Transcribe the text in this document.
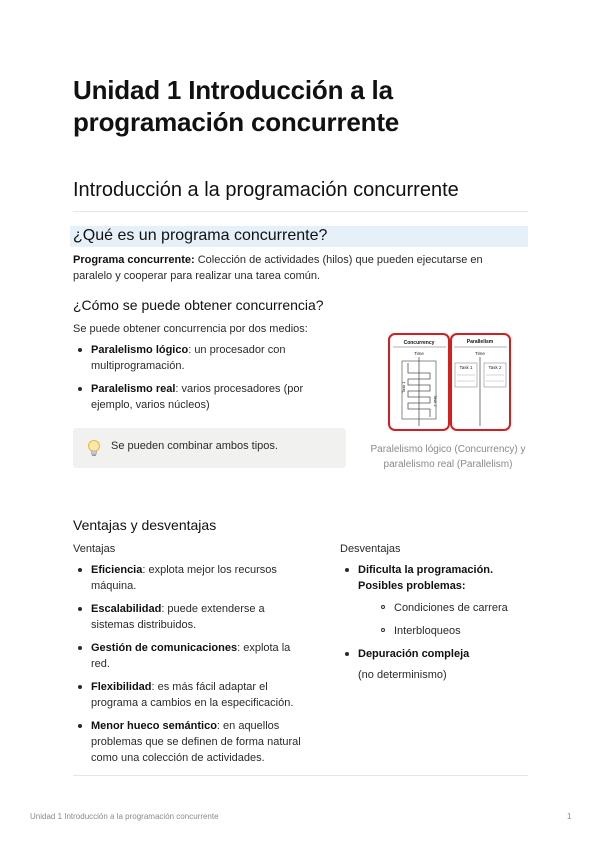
Unidad 1 Introducción a la programación concurrente
Introducción a la programación concurrente
¿Qué es un programa concurrente?

Programa concurrente: Colección de actividades (hilos) que pueden ejecutarse en paralelo y cooperar para realizar una tarea común.

¿Cómo se puede obtener concurrencia?

Se puede obtener concurrencia por dos medios:

Paralelismo lógico: un procesador con multiprogramación.
Paralelismo real: varios procesadores (por ejemplo, varios núcleos)
Se pueden combinar ambos tipos.
Concurrency	Parallelism
Time	Time
Task 1
Task 2
Task 1	Task 2
Paralelismo lógico (Concurrency) y paralelismo real (Parallelism)
Ventajas y desventajas
Ventajas
Eficiencia: explota mejor los recursos máquina.
Escalabilidad: puede extenderse a sistemas distribuidos.
Gestión de comunicaciones: explota la red.
Flexibilidad: es más fácil adaptar el programa a cambios en la especificación.
Menor hueco semántico: en aquellos problemas que se definen de forma natural como una colección de actividades.
Desventajas
Dificulta la programación. Posibles problemas:
Condiciones de carrera
Interbloqueos
Depuración compleja
(no determinismo)
Unidad 1 Introducción a la programación concurrente	1
